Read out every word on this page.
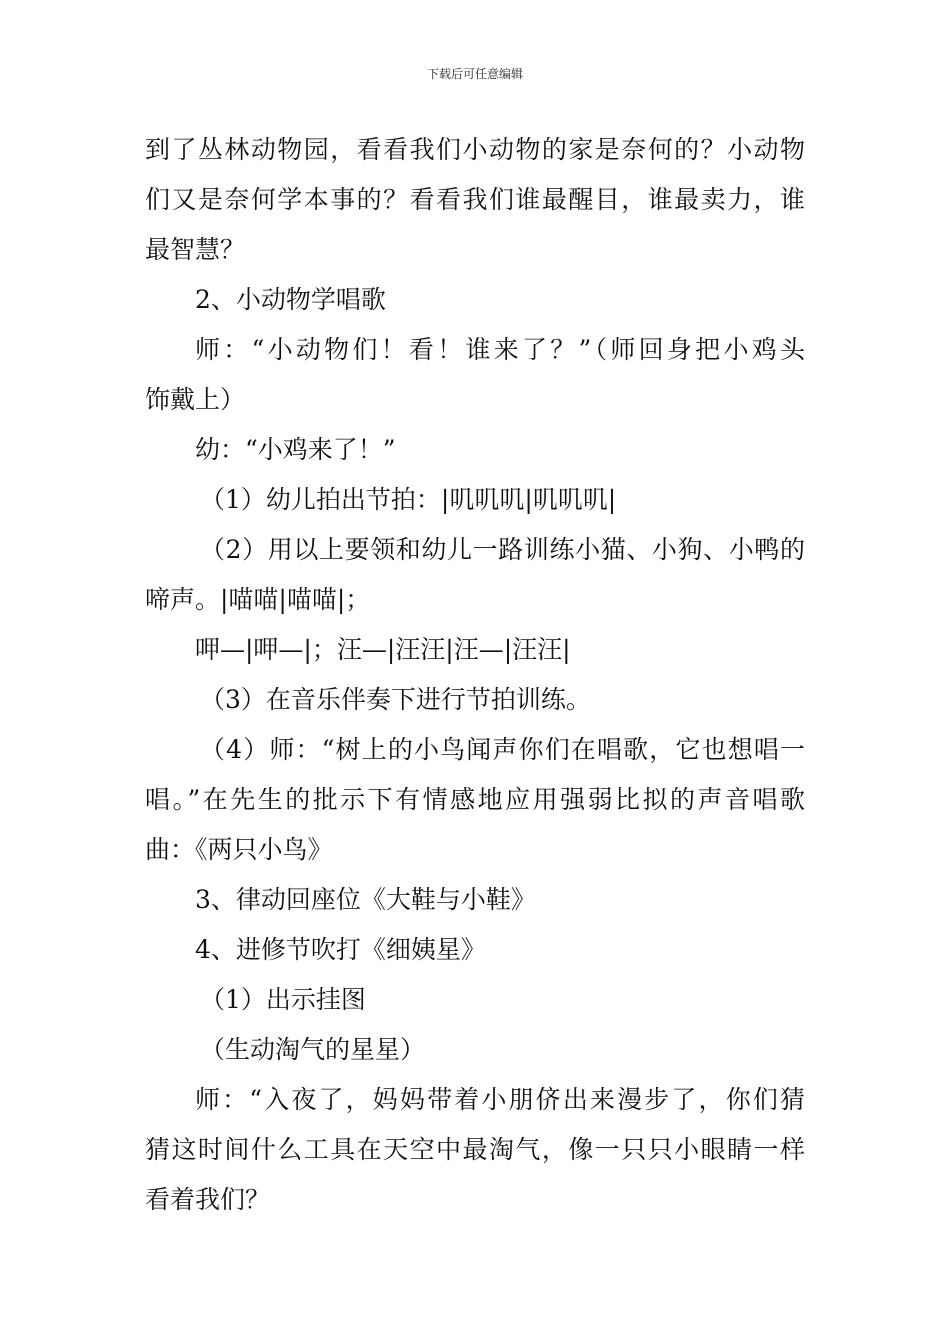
下载后可任意编辑
到了丛林动物园，看看我们小动物的家是奈何的？小动物
们又是奈何学本事的？看看我们谁最醒目，谁最卖力，谁
最智慧？
2、小动物学唱歌
师：“小动物们！看！谁来了？”（师回身把小鸡头
饰戴上）
幼：“小鸡来了！”
（1）幼儿拍出节拍：|叽叽叽|叽叽叽|
（2）用以上要领和幼儿一路训练小猫、小狗、小鸭的
啼声。|喵喵|喵喵|；
呷—|呷—|；汪—|汪汪|汪—|汪汪|
（3）在音乐伴奏下进行节拍训练。
（4）师：“树上的小鸟闻声你们在唱歌，它也想唱一
唱。”在先生的批示下有情感地应用强弱比拟的声音唱歌
曲：《两只小鸟》
3、律动回座位《大鞋与小鞋》
4、进修节吹打《细姨星》
（1）出示挂图
（生动淘气的星星）
师：“入夜了，妈妈带着小朋侪出来漫步了，你们猜
猜这时间什么工具在天空中最淘气，像一只只小眼睛一样
看着我们？
